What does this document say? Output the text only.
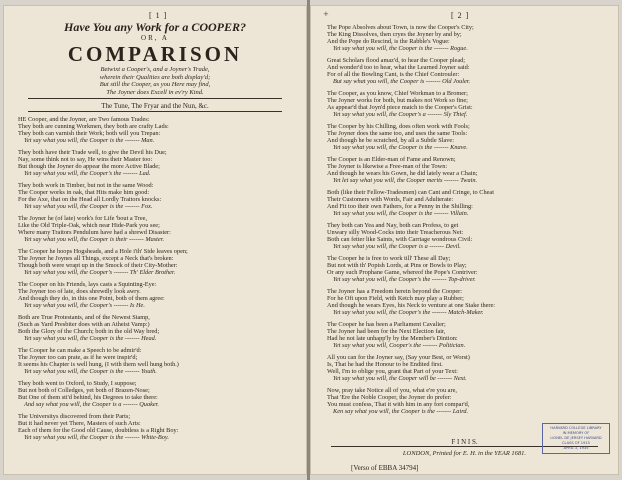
[ 1 ]
Have You any Work for a COOPER?
OR, A
COMPARISON
Betwixt a Cooper's, and a Joyner's Trade,
wherein their Qualities are both display'd;
But still the Cooper, as you Here may find,
The Joyner does Excell in ev'ry Kind.
The Tune, The Fryar and the Nun, &c.
HE Cooper, and the Joyner, are Two famous Trades:
They both are cunning Workmen, they both are crafty Lads:
They both can varnish their Work; both will you Trepan:
Yet say what you will, the Cooper is the ------- Man.
They both have their Trade well, to give the Devil his Due;
Nay, some think not to say, He wins their Master too:
But though the Joyner do appear the more Active Blade;
Yet say what you will, the Cooper's the ------- Lad.
They both work in Timber, but not in the same Wood:
The Cooper works in oak, that Hits make him good:
For the Axe, that on the Head all Lordly Traitors knocks:
Yet say what you will, the Cooper is the ------- Fox.
The Joyner he (of late) work's for Life 'bout a Tree,
Like the Old Triple-Oak, which near Hide-Park you see;
Where many Traitors Pendulum have had a shrewd Disaster:
Yet say what you will, the Cooper is their ------- Master.
The Cooper he hoops Hogsheads, and a Hole i'th' Side leaves open;
The Joyner he Joynes all Things, except a Neck that's broken:
Though both were wrapt up in the Smock of their City-Mother:
Yet say what you will, the Cooper's ------- Th' Elder Brother.
The Cooper on his Friends, lays casts a Squinting-Eye:
The Joyner too of late, does shrewdly look awry.
And though they do, in this one Point, both of them agree:
Yet say what you will, the Cooper's ------- Is He.
Both are True Protestants, and of the Newest Stamp,
(Such as Yard Presbiter does with an Atheist Vamp:)
Both the Glory of the Church; both in the old Way bred;
Yet say what you will, the Cooper is the ------- Head.
The Cooper he can make a Speech to be admir'd:
The Joyner too can prate, as if he were inspir'd;
It seems his Chapter is well hung, (I with them well hung both.)
Yet say what you will, the Cooper is the ------- Youth.
They both went to Oxford, to Study, I suppose;
But not both of Colledges, yet both of Brazen-Nose;
But One of them sti'd behind, his Degrees to take there:
And say what you will, the Cooper is a ------- Quaker.
The Universitys discovered from their Parts;
But it had never yet There, Masters of such Arts:
Each of them for the Good old Cause, doubtless is a Right Boy:
Yet say what you will, the Cooper is the ------- White-Boy.
[ 2 ]
+
The Pope Absolves about Town, is now the Cooper's City;
The King Dissolves, then cryes the Joyner by and by;
And the Pope do Rescind, is the Rabble's Vogue:
Yet say what you will, the Cooper is the ------- Rogue.
Great Scholars flood amaz'd, to hear the Cooper plead;
And wonder'd too to hear, what the Learned Joyner said:
For of all the Bowling Cant, is the Chief Controuler:
But say what you will, the Cooper is ------- Old Jouler.
The Cooper, as you know, Chief Workman to a Bromer;
The Joyner works for both, but makes not Work so fine;
As appear'd that Joyn'd piece match to the Cooper's Grist:
Yet say what you will, the Cooper's a ------- Sly Thief.
The Cooper by his Chilling, does often work with Fools;
The Joyner does the same too, and uses the same Tools:
And though he be scratched, by all a Subtle Slave:
Yet say what you will, the Cooper is the ------- Knave.
The Cooper is an Elder-man of Fame and Renown;
The Joyner is likewise a Free-man of the Town:
And though he wears his Gown, he did lately wear a Chain;
Yet let say what you will, the Cooper merits ------- Twain.
Both (like their Fellow-Tradesmen) can Cant and Cringe, to Cheat
Their Customers with Words, Fair and Adulterate:
And Fit too their own Fathers, for a Penny in the Shilling:
Yet say what you will, the Cooper is the ------- Villain.
They both can Yea and Nay, both can Profess, to get
Unwary silly Wood-Cocks into their Treacherous Net:
Both can fetter like Saints, with Carriage wondrous Civil:
Yet say what you will, the Cooper is a ------- Devil.
The Cooper he is free to work till' These all Day;
But not with th' Popish Lords, at Pins or Bowls to Play;
Or any such Prophane Game, whereof the Pope's Contriver:
Yet say what you will, the Cooper's the ------- Top-driver.
The Joyner has a Freedom herein beyond the Cooper:
For he Oft upon Field, with Ketch may play a Rubber;
And though he wears Eyes, his Neck to venture at one Stake there:
Yet say what you will, the Cooper's the ------- Match-Maker.
The Cooper he has been a Parliament Cavalier;
The Joyner had been for the Next Election fair,
Had he not late unhapp'ly by the Member's Dintion:
Yet say what you will, Cooper's the ------- Politician.
All you can for the Joyner say, (Say your Best, or Worst)
Is, That he had the Honour to be Endited first.
Well, I'm to oblige you, grant that Part of your Text:
Yet say what you will, the Cooper will be ------- Next.
Now, pray take Notice all of you, what e're you are,
That 'Ere the Noble Cooper, the Joyner do prefer:
You must confess, That it with him in any fort compar'd,
Ken say what you will, the Cooper is the ------- Laird.
F I N I S.
LONDON, Printed for E. H. in the YEAR 1681.
[Verso of EBBA 34794]
HARVARD COLLEGE LIBRARY
IN MEMORY OF
LIONEL DE JERSEY HARVARD
CLASS OF 1915
APRIL 3, 1935
